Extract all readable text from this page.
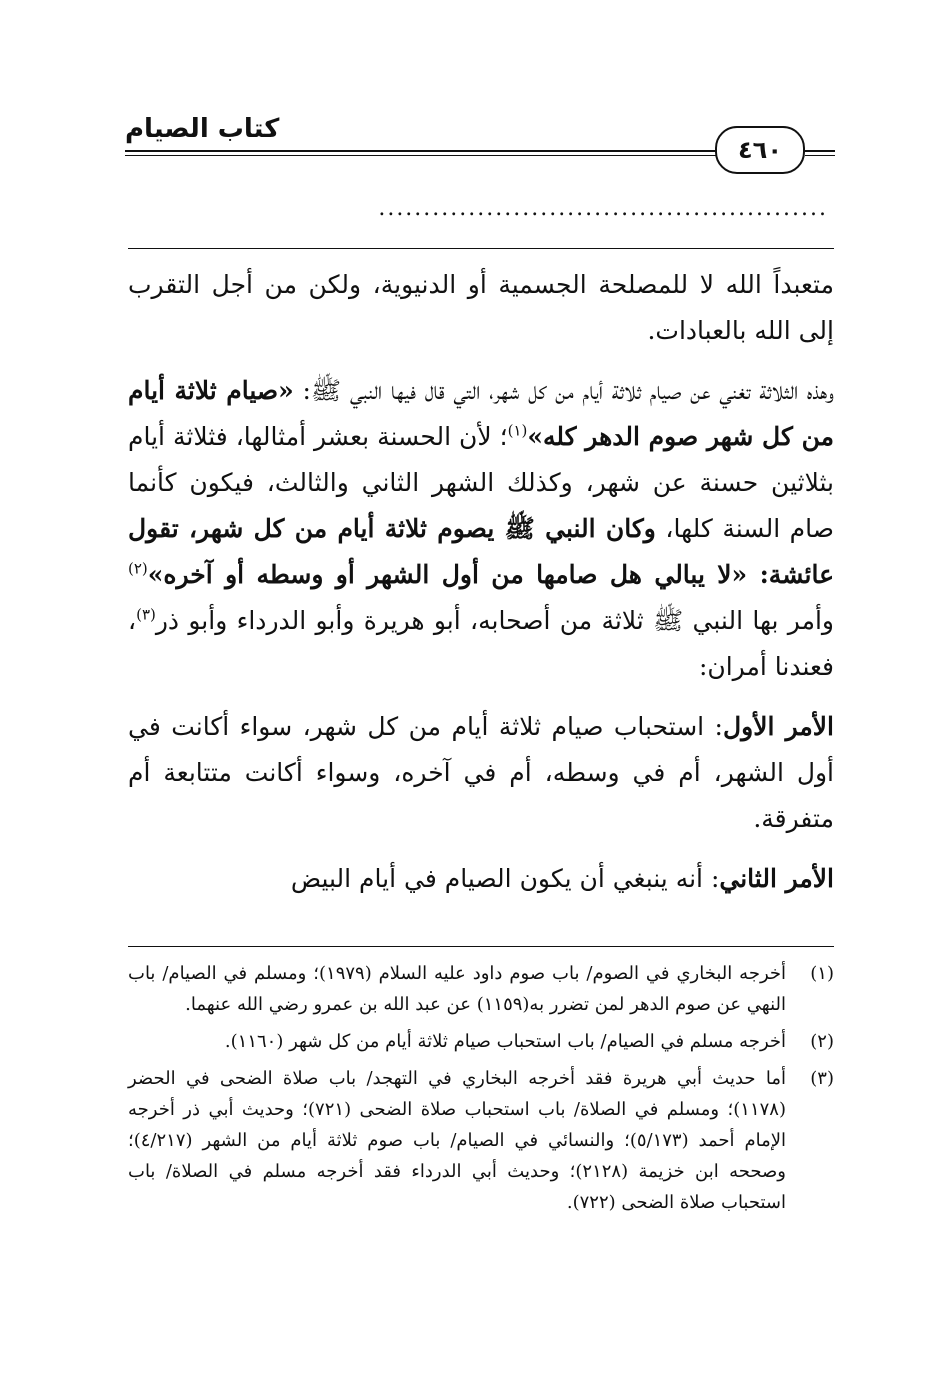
كتاب الصيام
٤٦٠
..................................................

متعبداً الله لا للمصلحة الجسمية أو الدنيوية، ولكن من أجل التقرب إلى الله بالعبادات.

وهذه الثلاثة تغني عن صيام ثلاثة أيام من كل شهر، التي قال فيها النبي ﷺ: «صيام ثلاثة أيام من كل شهر صوم الدهر كله»$^{(١)}$؛ لأن الحسنة بعشر أمثالها، فثلاثة أيام بثلاثين حسنة عن شهر، وكذلك الشهر الثاني والثالث، فيكون كأنما صام السنة كلها، وكان النبي ﷺ يصوم ثلاثة أيام من كل شهر، تقول عائشة: «لا يبالي هل صامها من أول الشهر أو وسطه أو آخره»$^{(٢)}$ وأمر بها النبي ﷺ ثلاثة من أصحابه، أبو هريرة وأبو الدرداء وأبو ذر$^{(٣)}$، فعندنا أمران:

الأمر الأول: استحباب صيام ثلاثة أيام من كل شهر، سواء أكانت في أول الشهر، أم في وسطه، أم في آخره، وسواء أكانت متتابعة أم متفرقة.

الأمر الثاني: أنه ينبغي أن يكون الصيام في أيام البيض

(١)
أخرجه البخاري في الصوم/ باب صوم داود عليه السلام (١٩٧٩)؛ ومسلم في الصيام/ باب النهي عن صوم الدهر لمن تضرر به(١١٥٩) عن عبد الله بن عمرو رضي الله عنهما.
(٢)
أخرجه مسلم في الصيام/ باب استحباب صيام ثلاثة أيام من كل شهر (١١٦٠).
(٣)
أما حديث أبي هريرة فقد أخرجه البخاري في التهجد/ باب صلاة الضحى في الحضر (١١٧٨)؛ ومسلم في الصلاة/ باب استحباب صلاة الضحى (٧٢١)؛ وحديث أبي ذر أخرجه الإمام أحمد (٥/١٧٣)؛ والنسائي في الصيام/ باب صوم ثلاثة أيام من الشهر (٤/٢١٧)؛ وصححه ابن خزيمة (٢١٢٨)؛ وحديث أبي الدرداء فقد أخرجه مسلم في الصلاة/ باب استحباب صلاة الضحى (٧٢٢).
